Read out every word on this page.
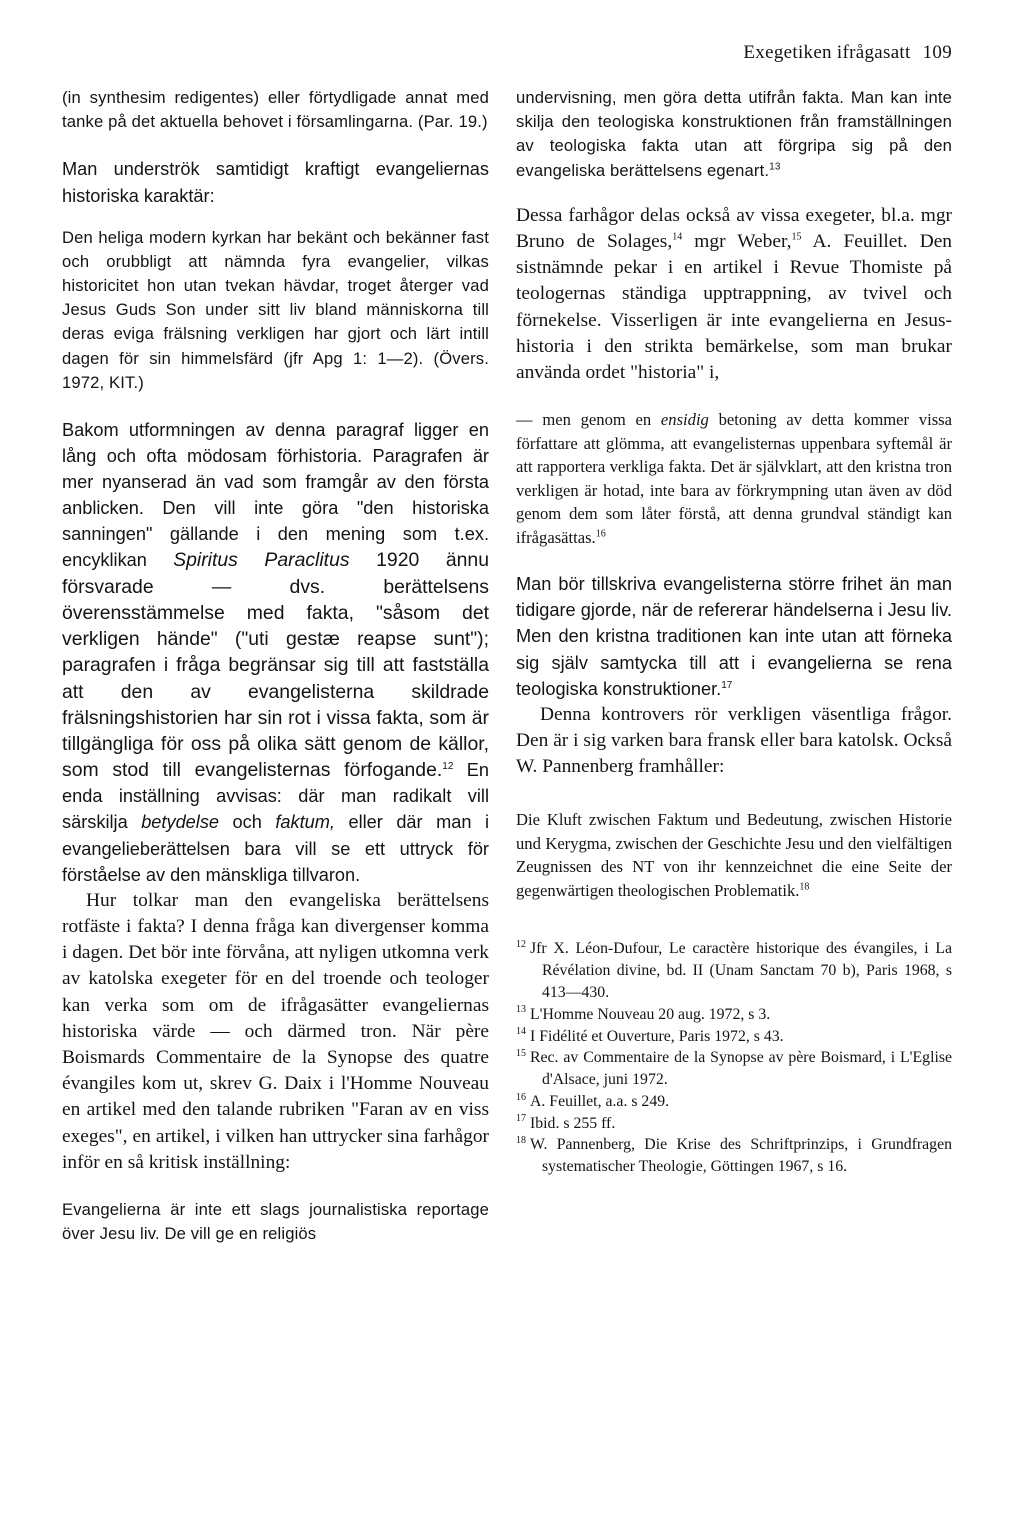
Exegetiken ifrågasatt 109

(in synthesim redigentes) eller förtydligade annat med tanke på det aktuella behovet i församlingarna. (Par. 19.)

Man underströk samtidigt kraftigt evangeliernas historiska karaktär:

Den heliga modern kyrkan har bekänt och bekänner fast och orubbligt att nämnda fyra evangelier, vilkas historicitet hon utan tvekan hävdar, troget återger vad Jesus Guds Son under sitt liv bland människorna till deras eviga frälsning verkligen har gjort och lärt intill dagen för sin himmelsfärd (jfr Apg 1: 1—2). (Övers. 1972, KIT.)

Bakom utformningen av denna paragraf ligger en lång och ofta mödosam förhistoria. Paragrafen är mer nyanserad än vad som framgår av den första anblicken. Den vill inte göra "den historiska sanningen" gällande i den mening som t.ex. encyklikan Spiritus Paraclitus 1920 ännu försvarade — dvs. berättelsens överensstämmelse med fakta, "såsom det verkligen hände" ("uti gestæ reapse sunt"); paragrafen i fråga begränsar sig till att fastställa att den av evangelisterna skildrade frälsningshistorien har sin rot i vissa fakta, som är tillgängliga för oss på olika sätt genom de källor, som stod till evangelisternas förfogande.$^{12}$ En enda inställning avvisas: där man radikalt vill särskilja betydelse och faktum, eller där man i evangelieberättelsen bara vill se ett uttryck för förståelse av den mänskliga tillvaron.

Hur tolkar man den evangeliska berättelsens rotfäste i fakta? I denna fråga kan divergenser komma i dagen. Det bör inte förvåna, att nyligen utkomna verk av katolska exegeter för en del troende och teologer kan verka som om de ifrågasätter evangeliernas historiska värde — och därmed tron. När père Boismards Commentaire de la Synopse des quatre évangiles kom ut, skrev G. Daix i l'Homme Nouveau en artikel med den talande rubriken "Faran av en viss exeges", en artikel, i vilken han uttrycker sina farhågor inför en så kritisk inställning:

Evangelierna är inte ett slags journalistiska reportage över Jesu liv. De vill ge en religiös

undervisning, men göra detta utifrån fakta. Man kan inte skilja den teologiska konstruktionen från framställningen av teologiska fakta utan att förgripa sig på den evangeliska berättelsens egenart.$^{13}$

Dessa farhågor delas också av vissa exegeter, bl.a. mgr Bruno de Solages,$^{14}$ mgr Weber,$^{15}$ A. Feuillet. Den sistnämnde pekar i en artikel i Revue Thomiste på teologernas ständiga upptrappning, av tvivel och förnekelse. Visserligen är inte evangelierna en Jesus-historia i den strikta bemärkelse, som man brukar använda ordet "historia" i,

— men genom en ensidig betoning av detta kommer vissa författare att glömma, att evangelisternas uppenbara syftemål är att rapportera verkliga fakta. Det är självklart, att den kristna tron verkligen är hotad, inte bara av förkrympning utan även av död genom dem som låter förstå, att denna grundval ständigt kan ifrågasättas.$^{16}$

Man bör tillskriva evangelisterna större frihet än man tidigare gjorde, när de refererar händelserna i Jesu liv. Men den kristna traditionen kan inte utan att förneka sig själv samtycka till att i evangelierna se rena teologiska konstruktioner.$^{17}$

Denna kontrovers rör verkligen väsentliga frågor. Den är i sig varken bara fransk eller bara katolsk. Också W. Pannenberg framhåller:

Die Kluft zwischen Faktum und Bedeutung, zwischen Historie und Kerygma, zwischen der Geschichte Jesu und den vielfältigen Zeugnissen des NT von ihr kennzeichnet die eine Seite der gegenwärtigen theologischen Problematik.$^{18}$

$^{12}$ Jfr X. Léon-Dufour, Le caractère historique des évangiles, i La Révélation divine, bd. II (Unam Sanctam 70 b), Paris 1968, s 413—430.

$^{13}$ L'Homme Nouveau 20 aug. 1972, s 3.

$^{14}$ I Fidélité et Ouverture, Paris 1972, s 43.

$^{15}$ Rec. av Commentaire de la Synopse av père Boismard, i L'Eglise d'Alsace, juni 1972.

$^{16}$ A. Feuillet, a.a. s 249.

$^{17}$ Ibid. s 255 ff.

$^{18}$ W. Pannenberg, Die Krise des Schriftprinzips, i Grundfragen systematischer Theologie, Göttingen 1967, s 16.
